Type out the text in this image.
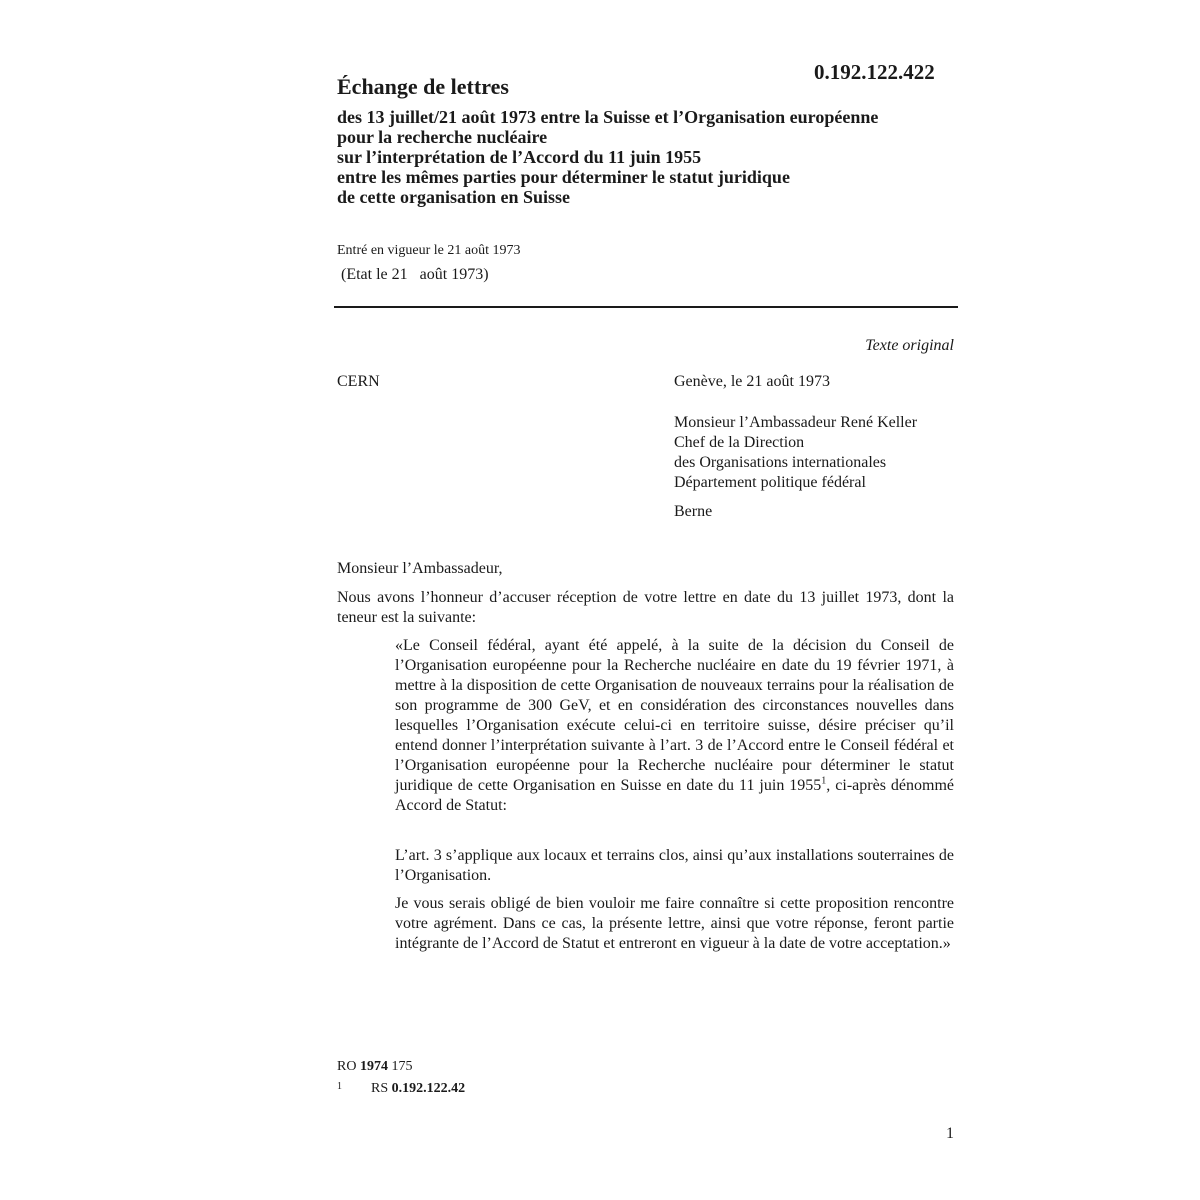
0.192.122.422
Échange de lettres
des 13 juillet/21 août 1973 entre la Suisse et l’Organisation européenne
pour la recherche nucléaire
sur l’interprétation de l’Accord du 11 juin 1955
entre les mêmes parties pour déterminer le statut juridique
de cette organisation en Suisse
Entré en vigueur le 21 août 1973
(Etat le 21   août 1973)
Texte original
CERN	Genève, le 21 août 1973
Monsieur l’Ambassadeur René Keller
Chef de la Direction
des Organisations internationales
Département politique fédéral
Berne
Monsieur l’Ambassadeur,
Nous avons l’honneur d’accuser réception de votre lettre en date du 13 juillet 1973, dont la teneur est la suivante:
«Le Conseil fédéral, ayant été appelé, à la suite de la décision du Conseil de l’Organisation européenne pour la Recherche nucléaire en date du 19 février 1971, à mettre à la disposition de cette Organisation de nouveaux terrains pour la réalisation de son programme de 300 GeV, et en considération des circonstances nouvelles dans lesquelles l’Organisation exécute celui-ci en territoire suisse, désire préciser qu’il entend donner l’interprétation suivante à l’art. 3 de l’Accord entre le Conseil fédéral et l’Organisation européenne pour la Recherche nucléaire pour déterminer le statut juridique de cette Organisation en Suisse en date du 11 juin 1955$^1$, ci-après dénommé Accord de Statut:
L’art. 3 s’applique aux locaux et terrains clos, ainsi qu’aux installations souterraines de l’Organisation.
Je vous serais obligé de bien vouloir me faire connaître si cette proposition rencontre votre agrément. Dans ce cas, la présente lettre, ainsi que votre réponse, feront partie intégrante de l’Accord de Statut et entreront en vigueur à la date de votre acceptation.»
RO 1974 175
1 RS 0.192.122.42
1
